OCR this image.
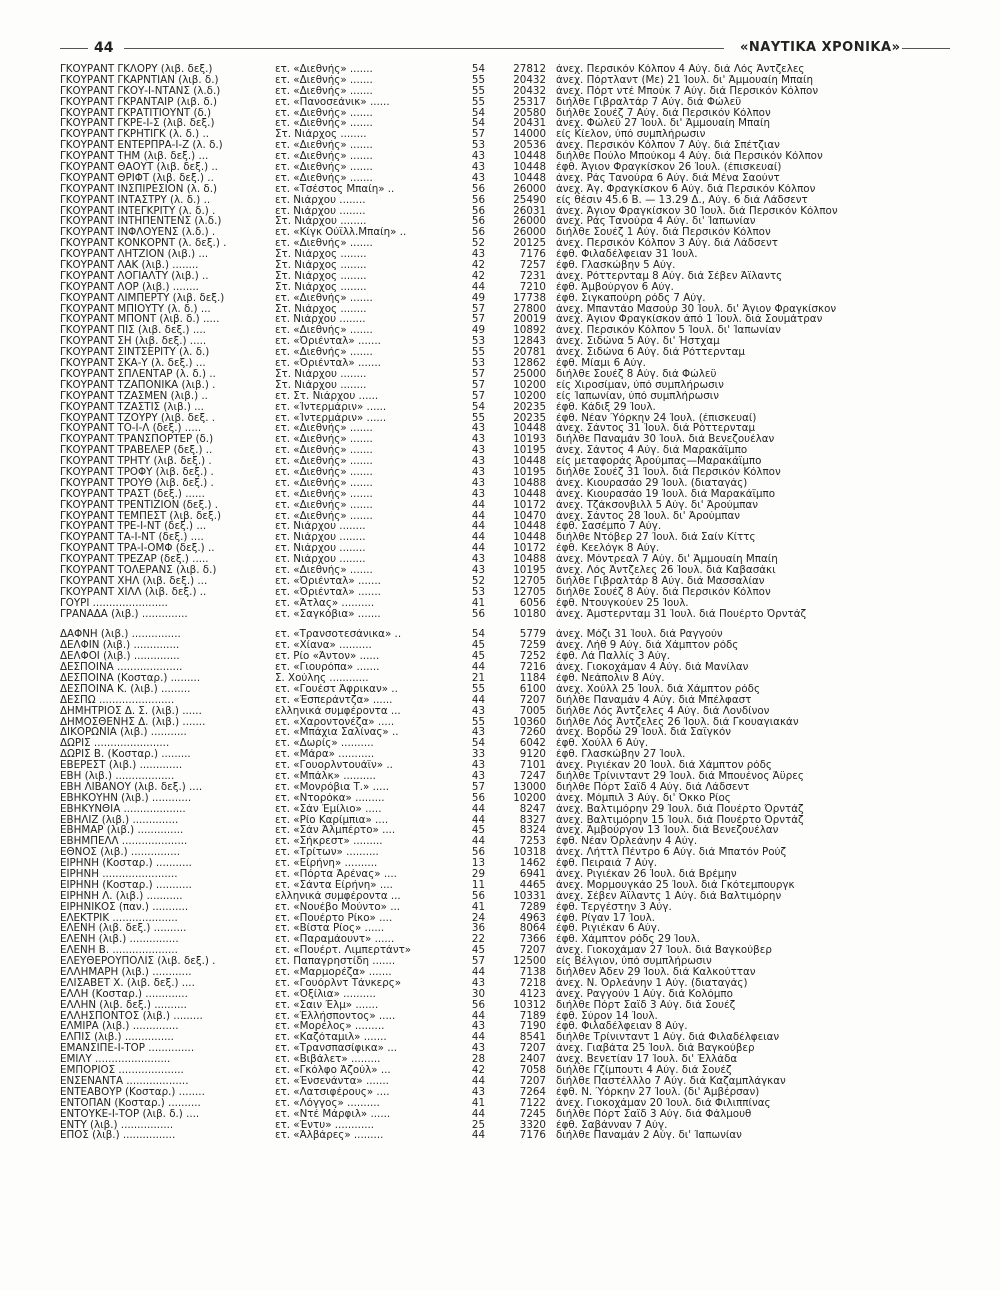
44	«ΝΑΥΤΙΚΑ ΧΡΟΝΙΚΑ»
ΓΚΟΥΡΑΝΤ ΓΚΛΟΡΥ (λιβ. δεξ.)	ετ. «Διεθνής» .......	54	27812 άνεχ. Περσικόν Κόλπον 4 Αύγ. διά Λός Άντζελες
ΓΚΟΥΡΑΝΤ ΓΚΑΡΝΤΙΑΝ (λιβ. δ.)	ετ. «Διεθνής» .......	55	20432 άνεχ. Πόρτλαντ (Με) 21 Ίουλ. δι' Άμμουαίη Μπαίη
ΓΚΟΥΡΑΝΤ ΓΚΟΥ-Ι-ΝΤΑΝΣ (λ.δ.)	ετ. «Διεθνής» .......	55	20432 άνεχ. Πόρτ ντέ Μπούκ 7 Αύγ. διά Περσικόν Κόλπον
ΓΚΟΥΡΑΝΤ ΓΚΡΑΝΤΑΙΡ (λιβ. δ.)	ετ. «Πανοσεάνικ» ......	55	25317 διήλθε Γιβραλτάρ 7 Αύγ. διά Φώλεϋ
ΓΚΟΥΡΑΝΤ ΓΚΡΑΤΙΤΙΟΥΝΤ (δ.)	ετ. «Διεθνής» .......	54	20580 διήλθε Σουέζ 7 Αύγ. διά Περσικόν Κόλπον
ΓΚΟΥΡΑΝΤ ΓΚΡΕ-Ι-Σ (λιβ. δεξ.)	ετ. «Διεθνής» .......	54	20431 άνεχ. Φώλεϋ 27 Ίουλ. δι' Άμμουαίη Μπαίη
ΓΚΟΥΡΑΝΤ ΓΚΡΗΤΙΓΚ (λ. δ.) ..	Στ. Νιάρχος ........	57	14000 είς Κίελον, ύπό συμπλήρωσιν
ΓΚΟΥΡΑΝΤ ΕΝΤΕΡΠΡΑ-Ι-Ζ (λ. δ.)	ετ. «Διεθνής» .......	53	20536 άνεχ. Περσικόν Κόλπον 7 Αύγ. διά Σπέτζιαν
ΓΚΟΥΡΑΝΤ ΤΗΜ (λιβ. δεξ.) ...	ετ. «Διεθνής» .......	43	10448 διήλθε Πούλο Μπούκομ 4 Αύγ. διά Περσικόν Κόλπον
ΓΚΟΥΡΑΝΤ ΘΑΟΥΤ (λιβ. δεξ.) ..	ετ. «Διεθνής» .......	43	10448 έφθ. Άγιον Φραγκίσκον 26 Ίουλ. (έπισκευαί)
ΓΚΟΥΡΑΝΤ ΘΡΙΦΤ (λιβ. δεξ.) ..	ετ. «Διεθνής» .......	43	10448 άνεχ. Ράς Τανούρα 6 Αύγ. διά Μένα Σαούντ
ΓΚΟΥΡΑΝΤ ΙΝΣΠΙΡΕΣΙΟΝ (λ. δ.)	ετ. «Τσέστος Μπαίη» ..	56	26000 άνεχ. Άγ. Φραγκίσκον 6 Αύγ. διά Περσικόν Κόλπον
ΓΚΟΥΡΑΝΤ ΙΝΤΑΣΤΡΥ (λ. δ.) ..	ετ. Νιάρχου ........	56	25490 είς θέσιν 45.6 Β. — 13.29 Δ., Αύγ. 6 διά Λάδσεντ
ΓΚΟΥΡΑΝΤ ΙΝΤΕΓΚΡΙΤΥ (λ. δ.) .	ετ. Νιάρχου ........	56	26031 άνεχ. Άγιον Φραγκίσκον 30 Ίουλ. διά Περσικόν Κόλπον
ΓΚΟΥΡΑΝΤ ΙΝΤΗΠΕΝΤΕΝΣ (λ.δ.)	Στ. Νιάρχου ........	56	26000 άνεχ. Ράς Τανούρα 4 Αύγ. δι' Ίαπωνίαν
ΓΚΟΥΡΑΝΤ ΙΝΦΛΟΥΕΝΣ (λ.δ.) .	ετ. «Κίγκ Ούϊλλ.Μπαίη» ..	56	26000 διήλθε Σουέζ 1 Αύγ. διά Περσικόν Κόλπον
ΓΚΟΥΡΑΝΤ ΚΟΝΚΟΡΝΤ (λ. δεξ.) .	ετ. «Διεθνής» .......	52	20125 άνεχ. Περσικόν Κόλπον 3 Αύγ. διά Λάδσεντ
ΓΚΟΥΡΑΝΤ ΛΗΤΖΙΟΝ (λιβ.) ...	Στ. Νιάρχος ........	43	7176 έφθ. Φιλαδέλφειαν 31 Ίουλ.
ΓΚΟΥΡΑΝΤ ΛΑΚ (λιβ.) ........	Στ. Νιάρχος ........	42	7257 έφθ. Γλασκώβην 5 Αύγ.
ΓΚΟΥΡΑΝΤ ΛΟΓΙΑΛΤΥ (λιβ.) ..	Στ. Νιάρχος ........	42	7231 άνεχ. Ρόττερνταμ 8 Αύγ. διά Σέβεν Άϊλαντς
ΓΚΟΥΡΑΝΤ ΛΟΡ (λιβ.) ........	Στ. Νιάρχος ........	44	7210 έφθ. Άμβούργον 6 Αύγ.
ΓΚΟΥΡΑΝΤ ΛΙΜΠΕΡΤΥ (λιβ. δεξ.)	ετ. «Διεθνής» .......	49	17738 έφθ. Σιγκαπούρη ρόδς 7 Αύγ.
ΓΚΟΥΡΑΝΤ ΜΠΙΟΥΤΥ (λ. δ.) ...	Στ. Νιάρχος ........	57	27800 άνεχ. Μπαντάο Μασούρ 30 Ίουλ. δι' Άγιον Φραγκίσκον
ΓΚΟΥΡΑΝΤ ΜΠΟΝΤ (λιβ. δ.) .....	ετ. Νιάρχου ........	57	20019 άνεχ. Άγιον Φραγκίσκον άπό 1 Ίουλ. διά Σουμάτραν
ΓΚΟΥΡΑΝΤ ΠΙΣ (λιβ. δεξ.) ....	ετ. «Διεθνής» .......	49	10892 άνεχ. Περσικόν Κόλπον 5 Ίουλ. δι' Ίαπωνίαν
ΓΚΟΥΡΑΝΤ ΣΗ (λιβ. δεξ.) .....	ετ. «Όριένταλ» .......	53	12843 άνεχ. Σιδώνα 5 Αύγ. δι' Ήστχαμ
ΓΚΟΥΡΑΝΤ ΣΙΝΤΣΕΡΙΤΥ (λ. δ.)	ετ. «Διεθνής» .......	55	20781 άνεχ. Σιδώνα 6 Αύγ. διά Ρόττερνταμ
ΓΚΟΥΡΑΝΤ ΣΚΑ-Υ (λ. δεξ.) ...	ετ. «Όριένταλ» .......	53	12862 έφθ. Μίαμι 6 Αύγ.
ΓΚΟΥΡΑΝΤ ΣΠΛΕΝΤΑΡ (λ. δ.) ..	Στ. Νιάρχου ........	57	25000 διήλθε Σουέζ 8 Αύγ. διά Φώλεϋ
ΓΚΟΥΡΑΝΤ ΤΖΑΠΟΝΙΚΑ (λιβ.) .	Στ. Νιάρχου ........	57	10200 είς Χιροσίμαν, ύπό συμπλήρωσιν
ΓΚΟΥΡΑΝΤ ΤΖΑΣΜΕΝ (λιβ.) ..	ετ. Στ. Νιάρχου ......	57	10200 είς Ίαπωνίαν, ύπό συμπλήρωσιν
ΓΚΟΥΡΑΝΤ ΤΖΑΣΤΙΣ (λιβ.) ...	ετ. «Ίντερμάριν» ......	54	20235 έφθ. Κάδιξ 29 Ίουλ.
ΓΚΟΥΡΑΝΤ ΤΖΟΥΡΥ (λιβ. δεξ. .	ετ. «Ίντερμάριν» ......	55	20235 έφθ. Νέαν Ύόρκην 24 Ίουλ. (έπισκευαί)
ΓΚΟΥΡΑΝΤ ΤΟ-Ι-Λ (δεξ.) .....	ετ. «Διεθνής» .......	43	10448 άνεχ. Σάντος 31 Ίουλ. διά Ρόττερνταμ
ΓΚΟΥΡΑΝΤ ΤΡΑΝΣΠΟΡΤΕΡ (δ.)	ετ. «Διεθνής» .......	43	10193 διήλθε Παναμάν 30 Ίουλ. διά Βενεζουέλαν
ΓΚΟΥΡΑΝΤ ΤΡΑΒΕΛΕΡ (δεξ.) ..	ετ. «Διεθνής» .......	43	10195 άνεχ. Σάντος 4 Αύγ. διά Μαρακάϊμπο
ΓΚΟΥΡΑΝΤ ΤΡΗΤΥ (λιβ. δεξ.) .	ετ. «Διεθνής» .......	43	10448 είς μεταφοράς Άρούμπας—Μαρακάϊμπο
ΓΚΟΥΡΑΝΤ ΤΡΟΦΥ (λιβ. δεξ.) .	ετ. «Διεθνής» .......	43	10195 διήλθε Σουέζ 31 Ίουλ. διά Περσικόν Κόλπον
ΓΚΟΥΡΑΝΤ ΤΡΟΥΘ (λιβ. δεξ.) .	ετ. «Διεθνής» .......	43	10488 άνεχ. Κιουρασάο 29 Ίουλ. (διαταγάς)
ΓΚΟΥΡΑΝΤ ΤΡΑΣΤ (δεξ.) ......	ετ. «Διεθνής» .......	43	10448 άνεχ. Κιουρασάο 19 Ίουλ. διά Μαρακάϊμπο
ΓΚΟΥΡΑΝΤ ΤΡΕΝΤΙΖΙΟΝ (δεξ.) .	ετ. «Διεθνής» .......	44	10172 άνεχ. Τζάκσονβιλλ 5 Αύγ. δι' Άρούμπαν
ΓΚΟΥΡΑΝΤ ΤΕΜΠΕΣΤ (λιβ. δεξ.)	ετ. «Διεθνής» .......	44	10470 άνεχ. Σάντος 28 Ίουλ. δι' Άρούμπαν
ΓΚΟΥΡΑΝΤ ΤΡΕ-Ι-ΝΤ (δεξ.) ...	ετ. Νιάρχου ........	44	10448 έφθ. Σασέμπο 7 Αύγ.
ΓΚΟΥΡΑΝΤ ΤΑ-Ι-ΝΤ (δεξ.) ....	ετ. Νιάρχου ........	44	10448 διήλθε Ντόβερ 27 Ίουλ. διά Σαίν Κίττς
ΓΚΟΥΡΑΝΤ ΤΡΑ-Ι-ΟΜΦ (δεξ.) ..	ετ. Νιάρχου ........	44	10172 έφθ. Κεελόγκ 8 Αύγ.
ΓΚΟΥΡΑΝΤ ΤΡΕΖΑΡ (δεξ.) .....	ετ. Νιάρχου ........	43	10488 άνεχ. Μόντρεαλ 7 Αύγ. δι' Άμμουαίη Μπαίη
ΓΚΟΥΡΑΝΤ ΤΟΛΕΡΑΝΣ (λιβ. δ.)	ετ. «Διεθνής» .......	43	10195 άνεχ. Λός Άντζελες 26 Ίουλ. διά Καβασάκι
ΓΚΟΥΡΑΝΤ ΧΗΛ (λιβ. δεξ.) ...	ετ. «Όριένταλ» .......	52	12705 διήλθε Γιβραλτάρ 8 Αύγ. διά Μασσαλίαν
ΓΚΟΥΡΑΝΤ ΧΙΛΛ (λιβ. δεξ.) ..	ετ. «Όριένταλ» .......	53	12705 διήλθε Σουέζ 8 Αύγ. διά Περσικόν Κόλπον
ΓΟΥΡΙ .......................	ετ. «Άτλας» ..........	41	6056 έφθ. Ντουγκούεν 25 Ίουλ.
ΓΡΑΝΑΔΑ (λιβ.) ..............	ετ. «Σαγκόβια» .......	56	10180 άνεχ. Άμστερνταμ 31 Ίουλ. διά Πουέρτο Όρντάζ
ΔΑΦΝΗ (λιβ.) ...............	ετ. «Τρανσοτεσάνικα» ..	54	5779 άνεχ. Μόζι 31 Ίουλ. διά Ραγγούν
ΔΕΛΦΙΝ (λιβ.) ..............	ετ. «Χίανα» ..........	45	7259 άνεχ. Λήθ 9 Αύγ. διά Χάμπτον ρόδς
ΔΕΛΦΟΙ (λιβ.) ..............	ετ. Ρίο «Άντον» ......	45	7252 έφθ. Λά Παλλίς 3 Αύγ.
ΔΕΣΠΟΙΝΑ ....................	ετ. «Γιουρόπα» .......	44	7216 άνεχ. Γιοκοχάμαν 4 Αύγ. διά Μανίλαν
ΔΕΣΠΟΙΝΑ (Κοσταρ.) .........	Σ. Χούλης ............	21	1184 έφθ. Νεάπολιν 8 Αύγ.
ΔΕΣΠΟΙΝΑ Κ. (λιβ.) .........	ετ. «Γουέστ Άφρικαν» ..	55	6100 άνεχ. Χούλλ 25 Ίουλ. διά Χάμπτον ρόδς
ΔΕΣΠΩ .......................	ετ. «Έσπεράντζα» ......	44	7207 διήλθε Παναμάν 4 Αύγ. διά Μπέλφαστ
ΔΗΜΗΤΡΙΟΣ Δ. Σ. (λιβ.) ......	ελληνικά συμφέροντα ...	43	7005 διήλθε Λός Άντζελες 4 Αύγ. διά Λονδίνον
ΔΗΜΟΣΘΕΝΗΣ Δ. (λιβ.) .......	ετ. «Χαροντονέζα» .....	55	10360 διήλθε Λός Άντζελες 26 Ίουλ. διά Γκουαγιακάν
ΔΙΚΟΡΩΝΙΑ (λιβ.) ...........	ετ. «Μπάχια Σαλίνας» ..	43	7260 άνεχ. Βορδώ 29 Ίουλ. διά Σαϊγκόν
ΔΩΡΙΣ .......................	ετ. «Δωρίς» ..........	54	6042 έφθ. Χούλλ 6 Αύγ.
ΔΩΡΙΣ Β. (Κοσταρ.) .........	ετ. «Μάρα» ...........	33	9120 έφθ. Γλασκώβην 27 Ίουλ.
ΕΒΕΡΕΣΤ (λιβ.) .............	ετ. «Γουορλντουάϊν» ..	43	7101 άνεχ. Ριγιέκαν 20 Ίουλ. διά Χάμπτον ρόδς
ΕΒΗ (λιβ.) ..................	ετ. «Μπάλκ» ..........	43	7247 διήλθε Τρίνινταντ 29 Ίουλ. διά Μπουένος Άϋρες
ΕΒΗ ΛΙΒΑΝΟΥ (λιβ. δεξ.) ....	ετ. «Μονρόβια Τ.» .....	57	13000 διήλθε Πόρτ Σαΐδ 4 Αύγ. διά Λάδσεντ
ΕΒΗΚΟΥΗΝ (λιβ.) ............	ετ. «Ντορόκα» .........	56	10200 άνεχ. Μόμπιλ 3 Αύγ. δι' Όκκο Ρίος
ΕΒΗΚΥΝΘΙΑ ...................	ετ. «Σάν Έμίλιο» .....	44	8247 άνεχ. Βαλτιμόρην 29 Ίουλ. διά Πουέρτο Όρντάζ
ΕΒΗΛΙΖ (λιβ.) ..............	ετ. «Ρίο Καρίμπια» ....	44	8327 άνεχ. Βαλτιμόρην 15 Ίουλ. διά Πουέρτο Όρντάζ
ΕΒΗΜΑΡ (λιβ.) ..............	ετ. «Σάν Άλμπέρτο» ....	45	8324 άνεχ. Άμβούργον 13 Ίουλ. διά Βενεζουέλαν
ΕΒΗΜΠΕΛΛ ....................	ετ. «Σήκρεστ» .........	44	7253 έφθ. Νέαν Όρλεάνην 4 Αύγ.
ΕΘΝΟΣ (λιβ.) ...............	ετ. «Τρίτων» ..........	56	10318 άνεχ. Λήττλ Πέντρο 6 Αύγ. διά Μπατόν Ρούζ
ΕΙΡΗΝΗ (Κοσταρ.) ...........	ετ. «Είρήνη» ..........	13	1462 έφθ. Πειραιά 7 Αύγ.
ΕΙΡΗΝΗ .......................	ετ. «Πόρτα Άρένας» ....	29	6941 άνεχ. Ριγιέκαν 26 Ίουλ. διά Βρέμην
ΕΙΡΗΝΗ (Κοσταρ.) ...........	ετ. «Σάντα Είρήνη» ....	11	4465 άνεχ. Μορμουγκάο 25 Ίουλ. διά Γκότεμπουργκ
ΕΙΡΗΝΗ Λ. (λιβ.) ...........	ελληνικά συμφέροντα ...	56	10331 άνεχ. Σέβεν Άϊλαντς 1 Αύγ. διά Βαλτιμόρην
ΕΙΡΗΝΙΚΟΣ (παν.) ...........	ετ. «Νουέβο Μούντο» ...	41	7289 έφθ. Τεργέστην 3 Αύγ.
ΕΛΕΚΤΡΙΚ ....................	ετ. «Πουέρτο Ρίκο» ....	24	4963 έφθ. Ρίγαν 17 Ίουλ.
ΕΛΕΝΗ (λιβ. δεξ.) ..........	ετ. «Βίστα Ρίος» ......	36	8064 έφθ. Ριγιέκαν 6 Αύγ.
ΕΛΕΝΗ (λιβ.) ...............	ετ. «Παραμάουντ» ......	22	7366 έφθ. Χάμπτον ρόδς 29 Ίουλ.
ΕΛΕΝΗ Β. ....................	ετ. «Πουέρτ. Λιμπερτάντ»	45	7207 άνεχ. Γιοκοχάμαν 27 Ίουλ. διά Βαγκούβερ
ΕΛΕΥΘΕΡΟΥΠΟΛΙΣ (λιβ. δεξ.) .	ετ. Παπαγρηστίδη .......	57	12500 είς Βέλγιον, ύπό συμπλήρωσιν
ΕΛΛΗΜΑΡΗ (λιβ.) ............	ετ. «Μαρμορέζα» .......	44	7138 διήλθεν Άδεν 29 Ίουλ. διά Καλκούτταν
ΕΛΙΣΑΒΕΤ Χ. (λιβ. δεξ.) ....	ετ. «Γουόρλντ Τάνκερς»	43	7218 άνεχ. Ν. Όρλεάνην 1 Αύγ. (διαταγάς)
ΕΛΛΗ (Κοσταρ.) .............	ετ. «Όξίλια» ..........	30	4123 άνεχ. Ραγγούν 1 Αύγ. διά Κολόμπο
ΕΛΛΗΝ (λιβ. δεξ.) ..........	ετ. «Σαιν Έλμ» .......	56	10312 διήλθε Πόρτ Σαΐδ 3 Αύγ. διά Σουέζ
ΕΛΛΗΣΠΟΝΤΟΣ (λιβ.) .........	ετ. «Έλλήσποντος» .....	44	7189 έφθ. Σύρον 14 Ίουλ.
ΕΛΜΙΡΑ (λιβ.) ..............	ετ. «Μορέλος» .........	43	7190 έφθ. Φιλαδέλφειαν 8 Αύγ.
ΕΛΠΙΣ (λιβ.) ...............	ετ. «Καζόταμιλ» .......	44	8541 διήλθε Τρίνινταντ 1 Αύγ. διά Φιλαδέλφειαν
ΕΜΑΝΣΙΠΕ-Ι-ΤΟΡ ..............	ετ. «Τρανσπασίφικα» ...	43	7207 άνεχ. Γιαβάτα 25 Ίουλ. διά Βαγκούβερ
ΕΜΙΛΥ .......................	ετ. «Βιβάλετ» .........	28	2407 άνεχ. Βενετίαν 17 Ίουλ. δι' Έλλάδα
ΕΜΠΟΡΙΟΣ ....................	ετ. «Γκόλφο Άζούλ» ...	42	7058 διήλθε Γζίμπουτι 4 Αύγ. διά Σουέζ
ΕΝΣΕΝΑΝΤΑ ...................	ετ. «Ένσενάντα» .......	44	7207 διήλθε Παστέλλλο 7 Αύγ. διά Καζαμπλάγκαν
ΕΝΤΕΑΒΟΥΡ (Κοσταρ.) ........	ετ. «Λατσιφέρους» ....	43	7264 έφθ. Ν. Ύόρκην 27 Ίουλ. (δι' Άμβέρσαν)
ΕΝΤΟΠΑΝ (Κοσταρ.) ..........	ετ. «Λόγγος» ..........	41	7122 άνεχ. Γιοκοχάμαν 20 Ίουλ. διά Φιλιππίνας
ΕΝΤΟΥΚΕ-Ι-ΤΟΡ (λιβ. δ.) ....	ετ. «Ντέ Μάρφιλ» ......	44	7245 διήλθε Πόρτ Σαΐδ 3 Αύγ. διά Φάλμουθ
ΕΝΤΥ (λιβ.) ................	ετ. «Έντυ» ............	25	3320 έφθ. Σαβάνναν 7 Αύγ.
ΕΠΟΣ (λιβ.) ................	ετ. «Άλβάρες» .........	44	7176 διήλθε Παναμάν 2 Αύγ. δι' Ίαπωνίαν
